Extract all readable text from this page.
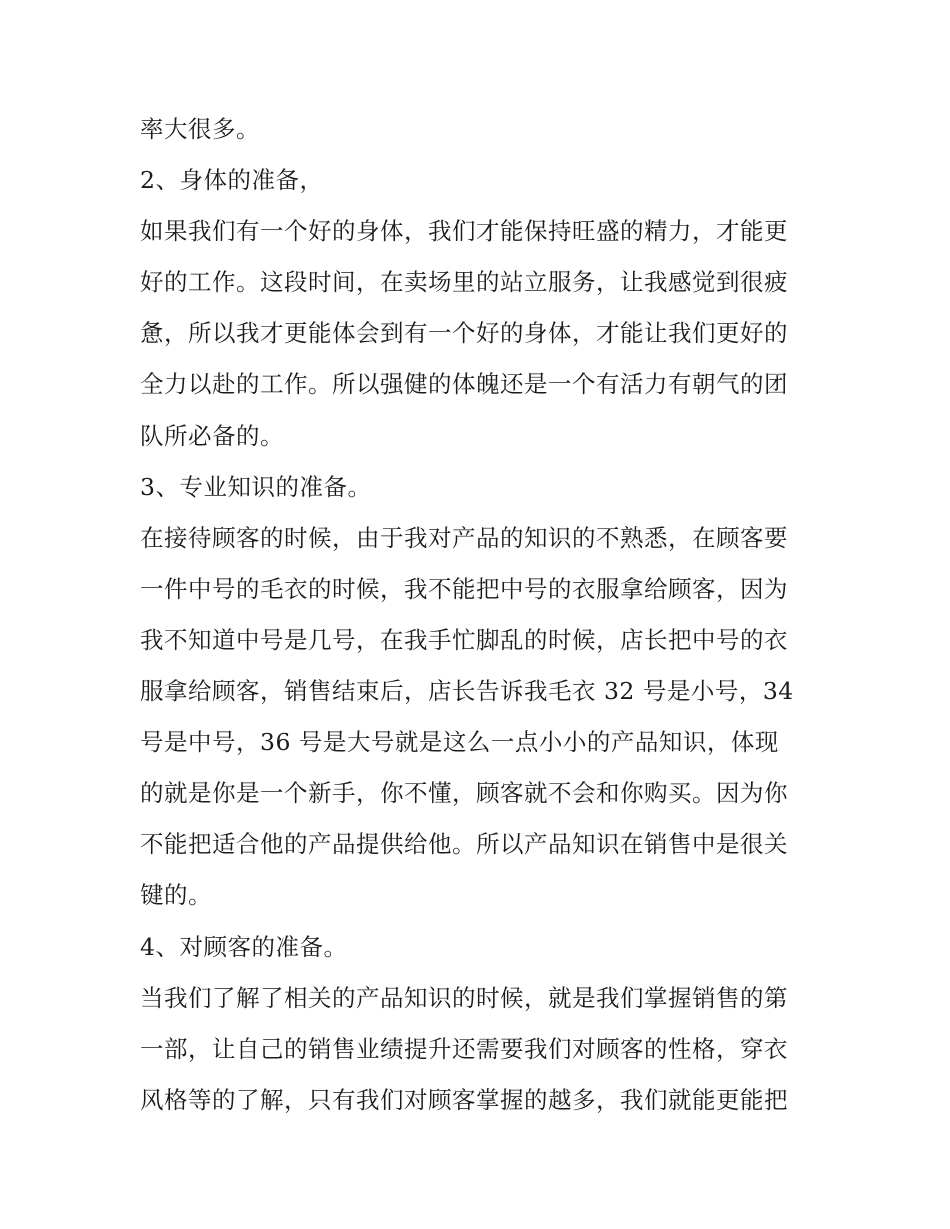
率大很多。
2、身体的准备，
如果我们有一个好的身体，我们才能保持旺盛的精力，才能更
好的工作。这段时间，在卖场里的站立服务，让我感觉到很疲
惫，所以我才更能体会到有一个好的身体，才能让我们更好的
全力以赴的工作。所以强健的体魄还是一个有活力有朝气的团
队所必备的。
3、专业知识的准备。
在接待顾客的时候，由于我对产品的知识的不熟悉，在顾客要
一件中号的毛衣的时候，我不能把中号的衣服拿给顾客，因为
我不知道中号是几号，在我手忙脚乱的时候，店长把中号的衣
服拿给顾客，销售结束后，店长告诉我毛衣 32 号是小号，34
号是中号，36 号是大号就是这么一点小小的产品知识，体现
的就是你是一个新手，你不懂，顾客就不会和你购买。因为你
不能把适合他的产品提供给他。所以产品知识在销售中是很关
键的。
4、对顾客的准备。
当我们了解了相关的产品知识的时候，就是我们掌握销售的第
一部，让自己的销售业绩提升还需要我们对顾客的性格，穿衣
风格等的了解，只有我们对顾客掌握的越多，我们就能更能把
